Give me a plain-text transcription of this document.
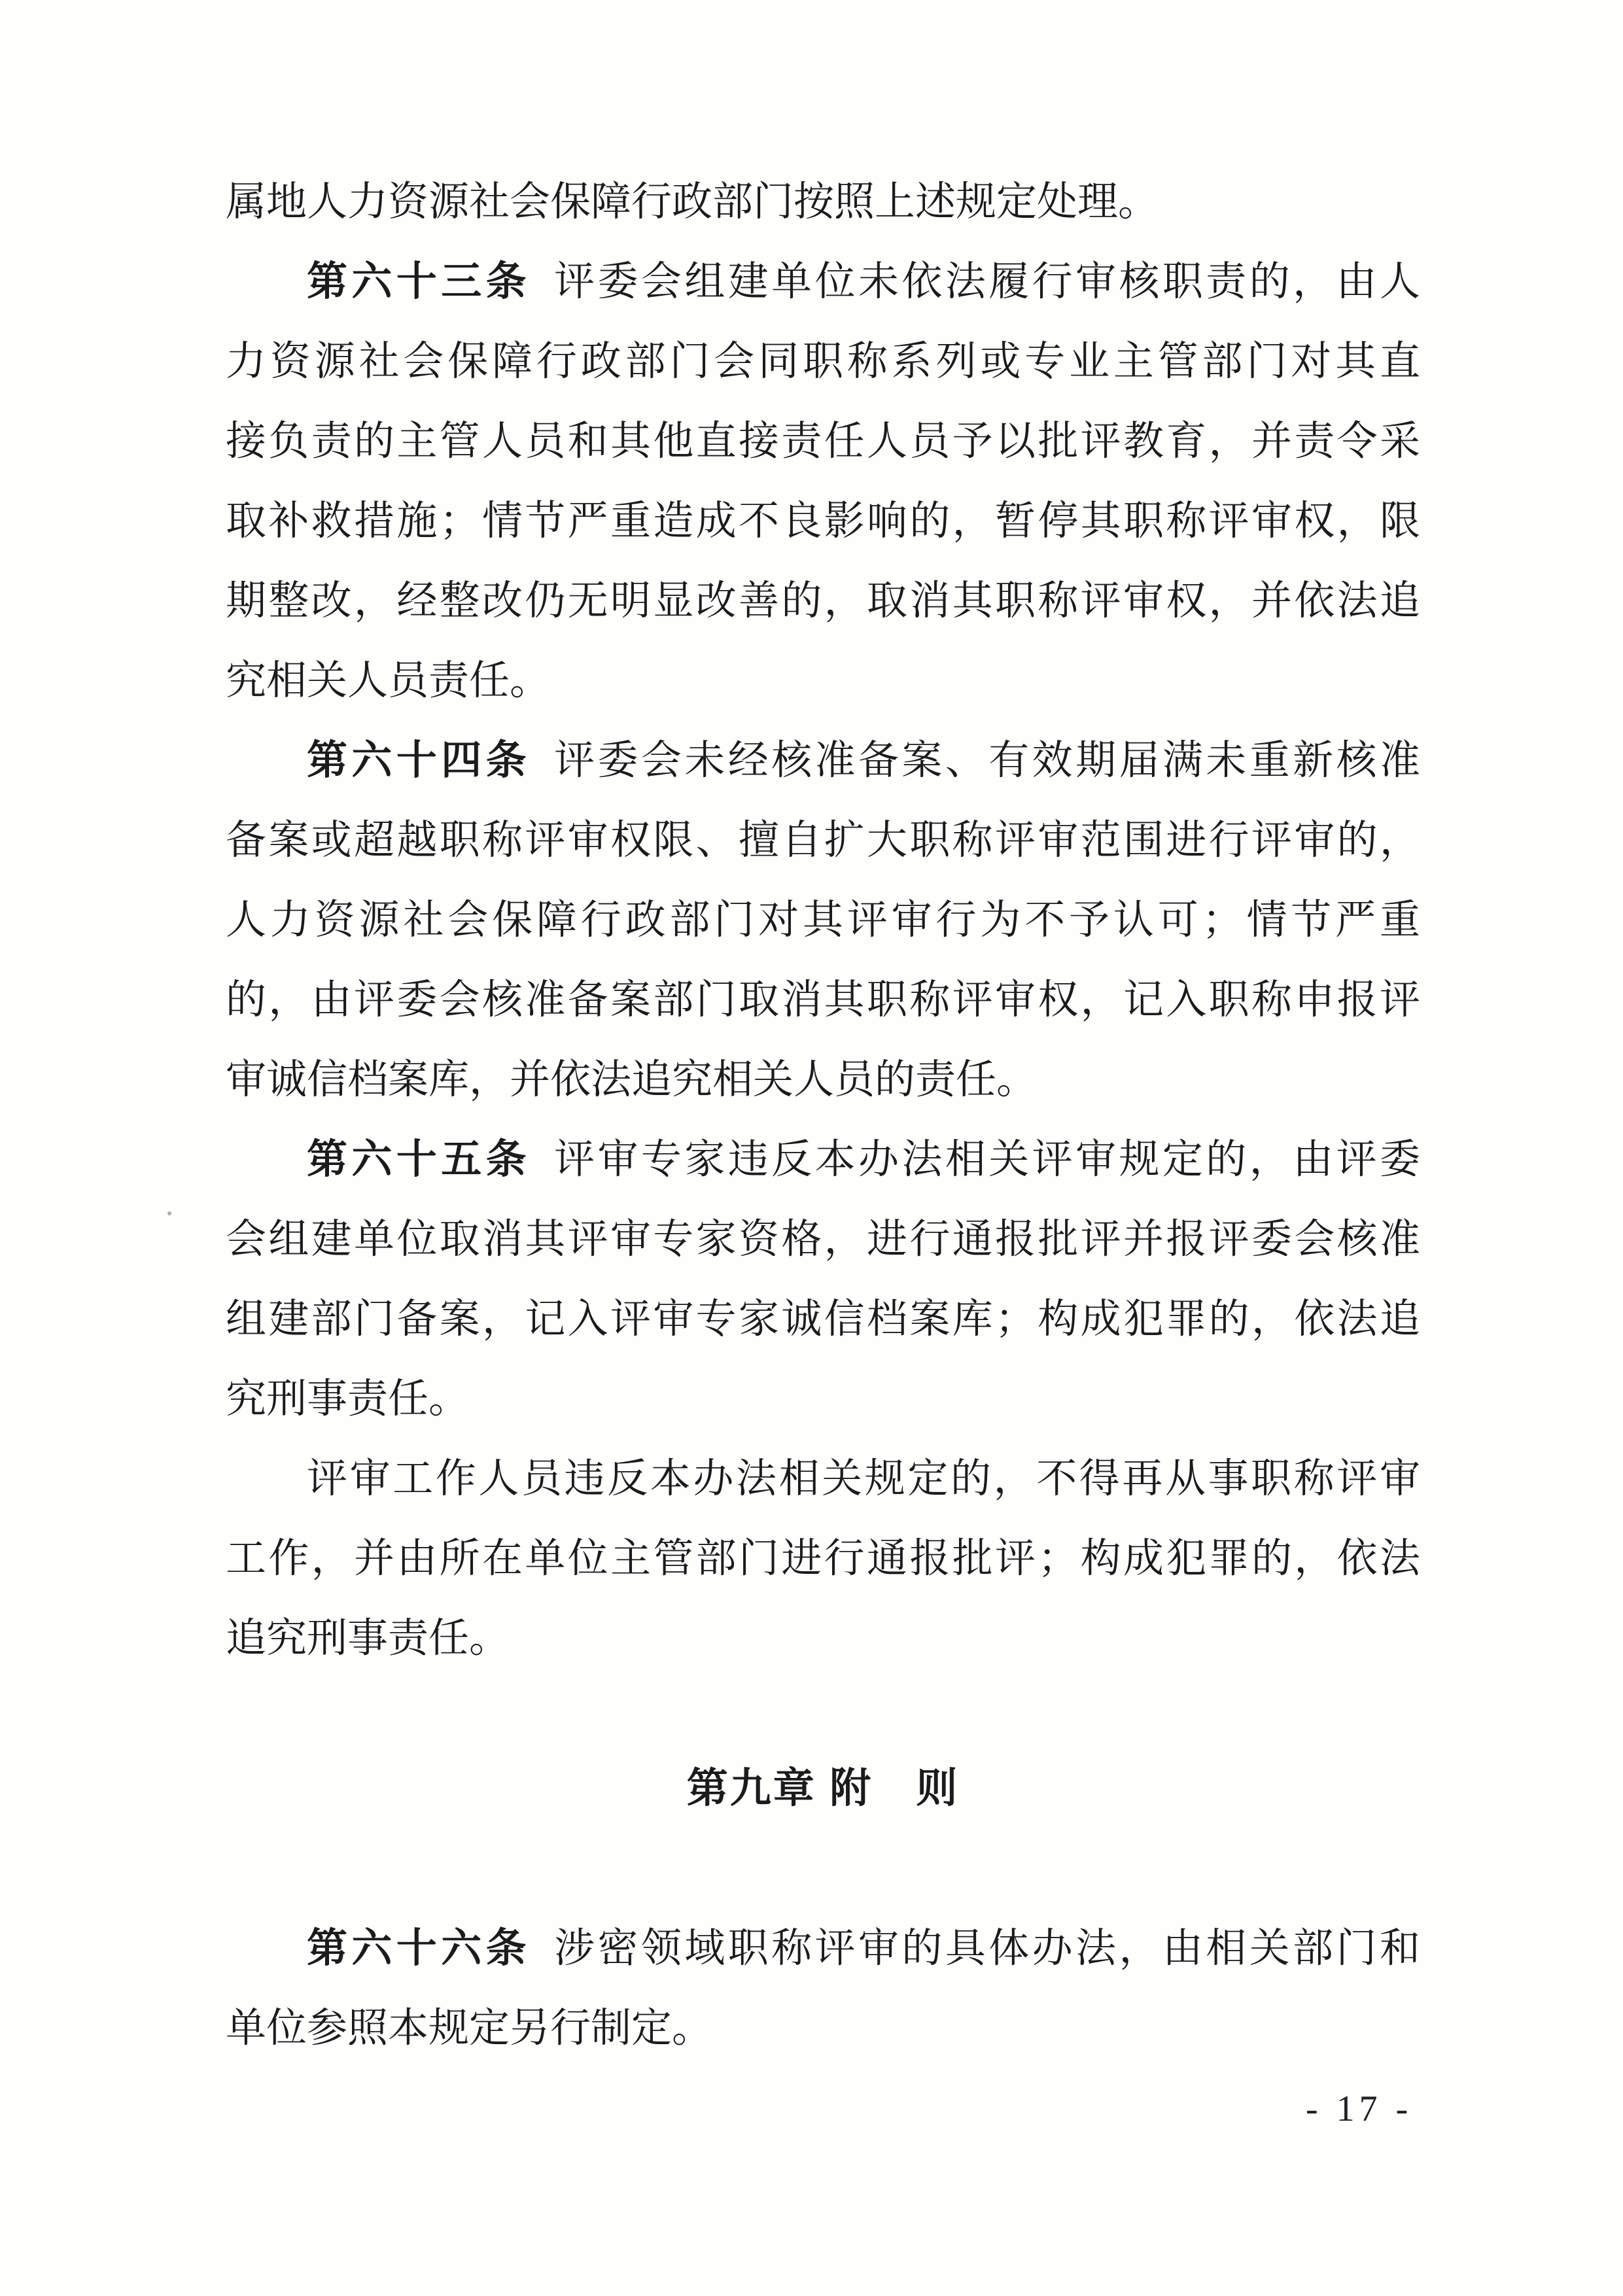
属地人力资源社会保障行政部门按照上述规定处理。
第六十三条 评委会组建单位未依法履行审核职责的，由人
力资源社会保障行政部门会同职称系列或专业主管部门对其直
接负责的主管人员和其他直接责任人员予以批评教育，并责令采
取补救措施；情节严重造成不良影响的，暂停其职称评审权，限
期整改，经整改仍无明显改善的，取消其职称评审权，并依法追
究相关人员责任。
第六十四条 评委会未经核准备案、有效期届满未重新核准
备案或超越职称评审权限、擅自扩大职称评审范围进行评审的，
人力资源社会保障行政部门对其评审行为不予认可；情节严重
的，由评委会核准备案部门取消其职称评审权，记入职称申报评
审诚信档案库，并依法追究相关人员的责任。
第六十五条 评审专家违反本办法相关评审规定的，由评委
会组建单位取消其评审专家资格，进行通报批评并报评委会核准
组建部门备案，记入评审专家诚信档案库；构成犯罪的，依法追
究刑事责任。
评审工作人员违反本办法相关规定的，不得再从事职称评审
工作，并由所在单位主管部门进行通报批评；构成犯罪的，依法
追究刑事责任。
第九章 附　则
第六十六条 涉密领域职称评审的具体办法，由相关部门和
单位参照本规定另行制定。
- 17 -
